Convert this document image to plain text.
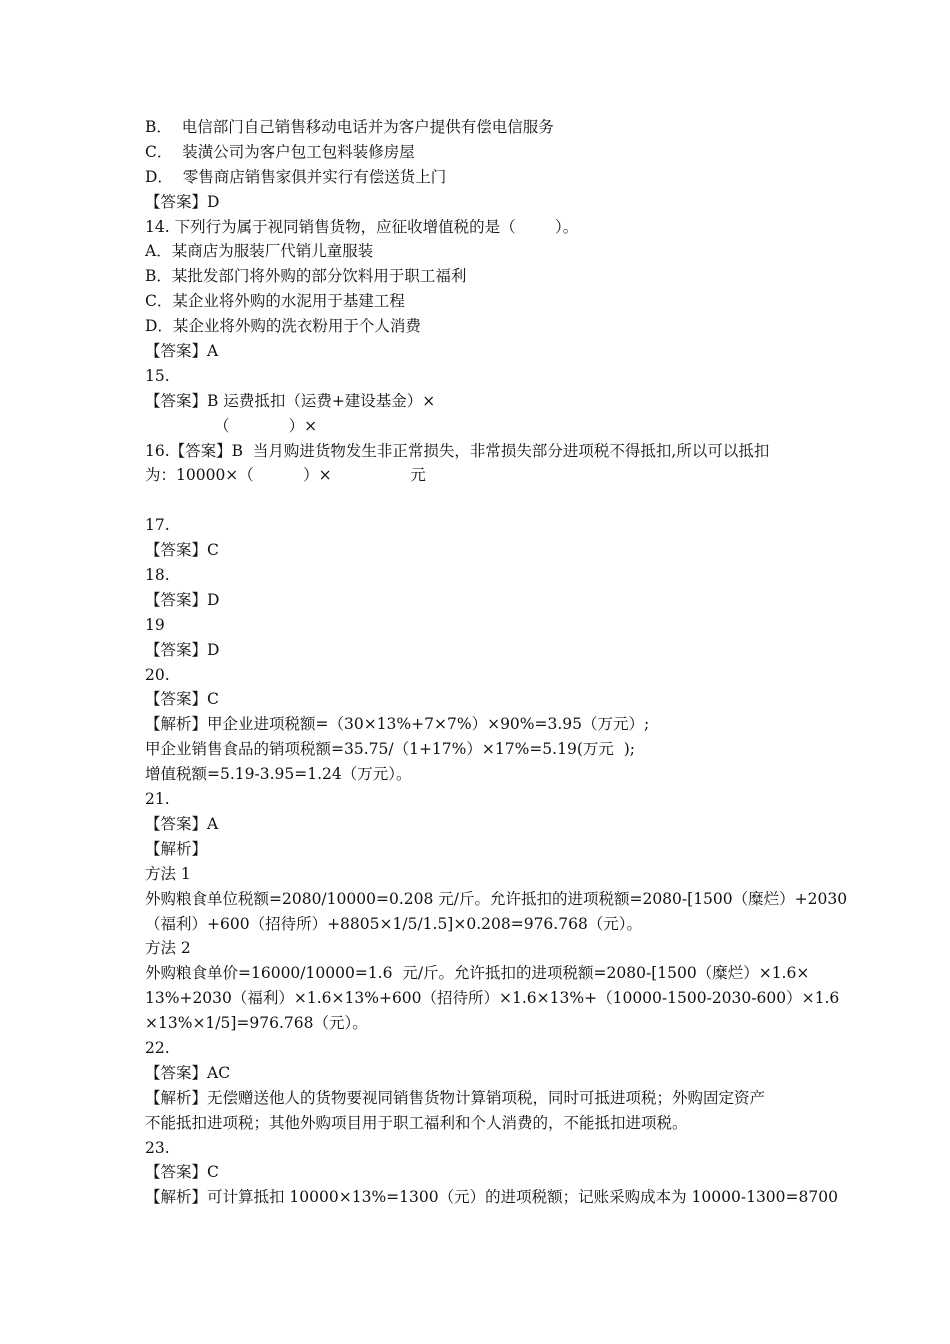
B．  电信部门自己销售移动电话并为客户提供有偿电信服务
C．  装潢公司为客户包工包料装修房屋
D．  零售商店销售家俱并实行有偿送货上门
【答案】D
14. 下列行为属于视同销售货物，应征收增值税的是（        ）。
A．某商店为服装厂代销儿童服装
B．某批发部门将外购的部分饮料用于职工福利
C．某企业将外购的水泥用于基建工程
D．某企业将外购的洗衣粉用于个人消费
【答案】A
15.
【答案】B 运费抵扣（运费+建设基金）×
（            ）×
16.【答案】B  当月购进货物发生非正常损失，非常损失部分进项税不得抵扣,所以可以抵扣
为：10000×（          ）×                元
17.
【答案】C
18.
【答案】D
19
【答案】D
20.
【答案】C
【解析】甲企业进项税额=（30×13%+7×7%）×90%=3.95（万元）;
甲企业销售食品的销项税额=35.75/（1+17%）×17%=5.19(万元  );
增值税额=5.19-3.95=1.24（万元）。
21.
【答案】A
【解析】
方法 1
外购粮食单位税额=2080/10000=0.208 元/斤。允许抵扣的进项税额=2080-[1500（糜烂）+2030
（福利）+600（招待所）+8805×1/5/1.5]×0.208=976.768（元）。
方法 2
外购粮食单价=16000/10000=1.6  元/斤。允许抵扣的进项税额=2080-[1500（糜烂）×1.6×
13%+2030（福利）×1.6×13%+600（招待所）×1.6×13%+（10000-1500-2030-600）×1.6
×13%×1/5]=976.768（元）。
22.
【答案】AC
【解析】无偿赠送他人的货物要视同销售货物计算销项税，同时可抵进项税；外购固定资产
不能抵扣进项税；其他外购项目用于职工福利和个人消费的，不能抵扣进项税。
23.
【答案】C
【解析】可计算抵扣 10000×13%=1300（元）的进项税额；记账采购成本为 10000-1300=8700
